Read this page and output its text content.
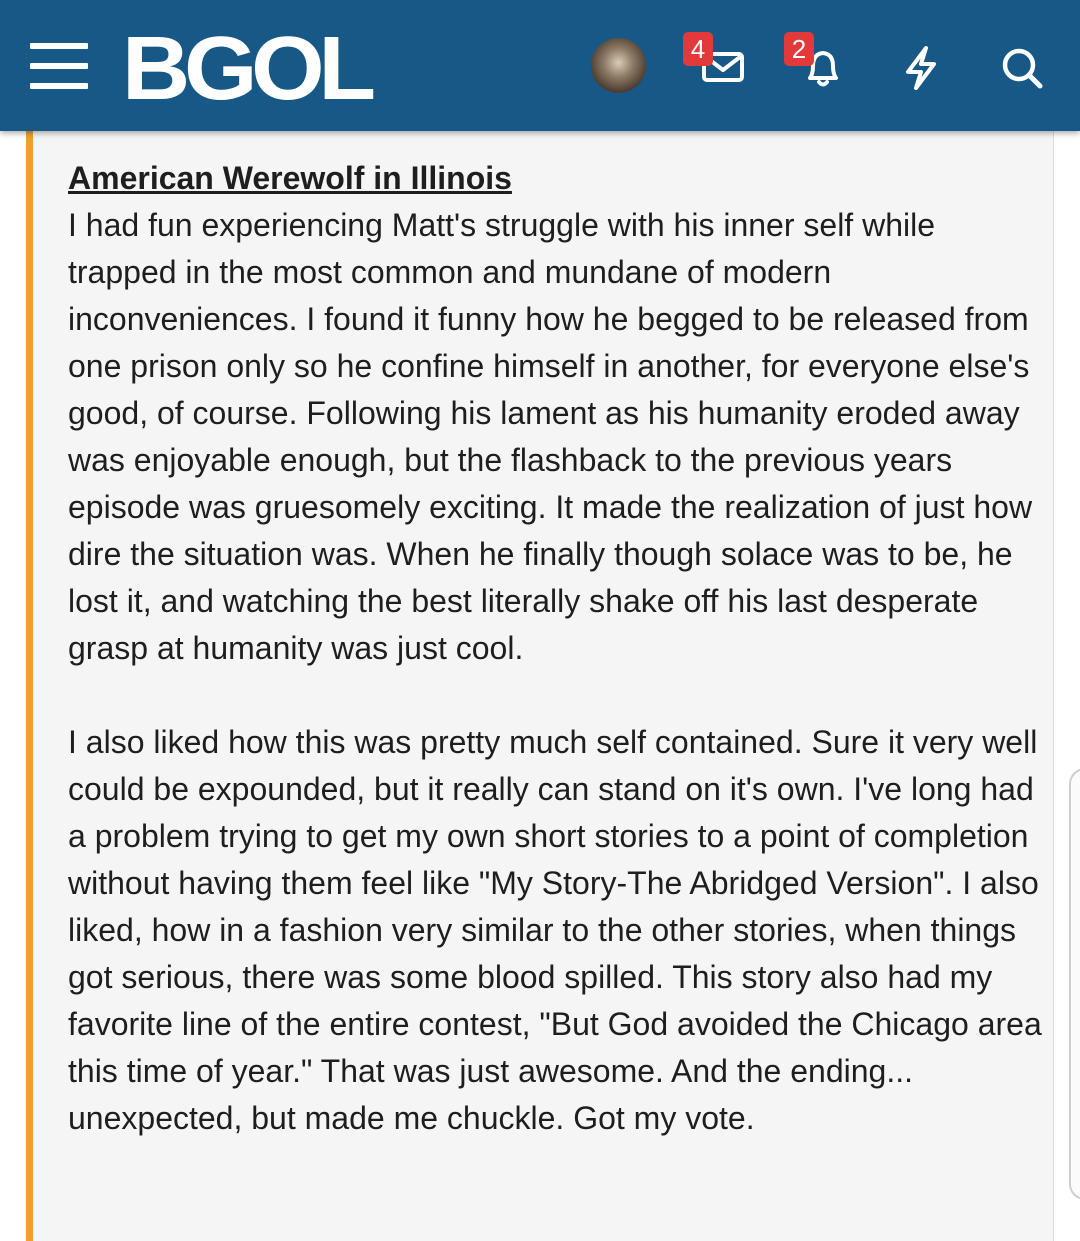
BGOL	4	2
American Werewolf in Illinois

I had fun experiencing Matt's struggle with his inner self while trapped in the most common and mundane of modern inconveniences. I found it funny how he begged to be released from one prison only so he confine himself in another, for everyone else's good, of course. Following his lament as his humanity eroded away was enjoyable enough, but the flashback to the previous years episode was gruesomely exciting. It made the realization of just how dire the situation was. When he finally though solace was to be, he lost it, and watching the best literally shake off his last desperate grasp at humanity was just cool.

I also liked how this was pretty much self contained. Sure it very well could be expounded, but it really can stand on it's own. I've long had a problem trying to get my own short stories to a point of completion without having them feel like "My Story-The Abridged Version". I also liked, how in a fashion very similar to the other stories, when things got serious, there was some blood spilled. This story also had my favorite line of the entire contest, "But God avoided the Chicago area this time of year." That was just awesome. And the ending... unexpected, but made me chuckle. Got my vote.
